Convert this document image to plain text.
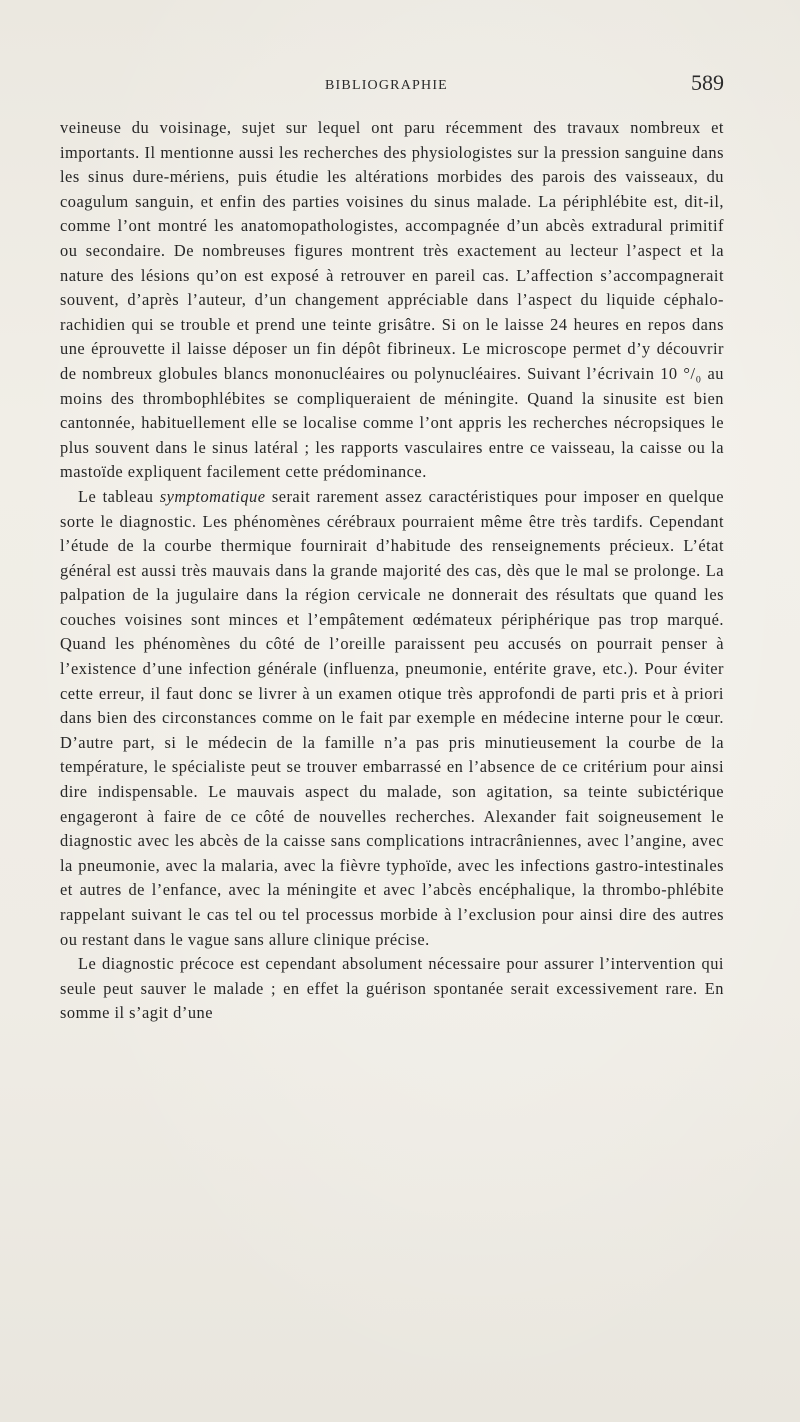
BIBLIOGRAPHIE	589

veineuse du voisinage, sujet sur lequel ont paru récemment des travaux nombreux et importants. Il mentionne aussi les recherches des physiologistes sur la pression sanguine dans les sinus dure-mériens, puis étudie les altérations morbides des parois des vaisseaux, du coagulum sanguin, et enfin des parties voisines du sinus malade. La périphlébite est, dit-il, comme l’ont montré les anatomopathologistes, accompagnée d’un abcès extradural primitif ou secondaire. De nombreuses figures montrent très exactement au lecteur l’aspect et la nature des lésions qu’on est exposé à retrouver en pareil cas. L’affection s’accompagnerait souvent, d’après l’auteur, d’un changement appréciable dans l’aspect du liquide céphalo-rachidien qui se trouble et prend une teinte grisâtre. Si on le laisse 24 heures en repos dans une éprouvette il laisse déposer un fin dépôt fibrineux. Le microscope permet d’y découvrir de nombreux globules blancs mononucléaires ou polynucléaires. Suivant l’écrivain 10 °/₀ au moins des thrombophlébites se compliqueraient de méningite. Quand la sinusite est bien cantonnée, habituellement elle se localise comme l’ont appris les recherches nécropsiques le plus souvent dans le sinus latéral ; les rapports vasculaires entre ce vaisseau, la caisse ou la mastoïde expliquent facilement cette prédominance.

Le tableau symptomatique serait rarement assez caractéristiques pour imposer en quelque sorte le diagnostic. Les phénomènes cérébraux pourraient même être très tardifs. Cependant l’étude de la courbe thermique fournirait d’habitude des renseignements précieux. L’état général est aussi très mauvais dans la grande majorité des cas, dès que le mal se prolonge. La palpation de la jugulaire dans la région cervicale ne donnerait des résultats que quand les couches voisines sont minces et l’empâtement œdémateux périphérique pas trop marqué. Quand les phénomènes du côté de l’oreille paraissent peu accusés on pourrait penser à l’existence d’une infection générale (influenza, pneumonie, entérite grave, etc.). Pour éviter cette erreur, il faut donc se livrer à un examen otique très approfondi de parti pris et à priori dans bien des circonstances comme on le fait par exemple en médecine interne pour le cœur. D’autre part, si le médecin de la famille n’a pas pris minutieusement la courbe de la température, le spécialiste peut se trouver embarrassé en l’absence de ce critérium pour ainsi dire indispensable. Le mauvais aspect du malade, son agitation, sa teinte subictérique engageront à faire de ce côté de nouvelles recherches. Alexander fait soigneusement le diagnostic avec les abcès de la caisse sans complications intracrâniennes, avec l’angine, avec la pneumonie, avec la malaria, avec la fièvre typhoïde, avec les infections gastro-intestinales et autres de l’enfance, avec la méningite et avec l’abcès encéphalique, la thrombo-phlébite rappelant suivant le cas tel ou tel processus morbide à l’exclusion pour ainsi dire des autres ou restant dans le vague sans allure clinique précise.

Le diagnostic précoce est cependant absolument nécessaire pour assurer l’intervention qui seule peut sauver le malade ; en effet la guérison spontanée serait excessivement rare. En somme il s’agit d’une
